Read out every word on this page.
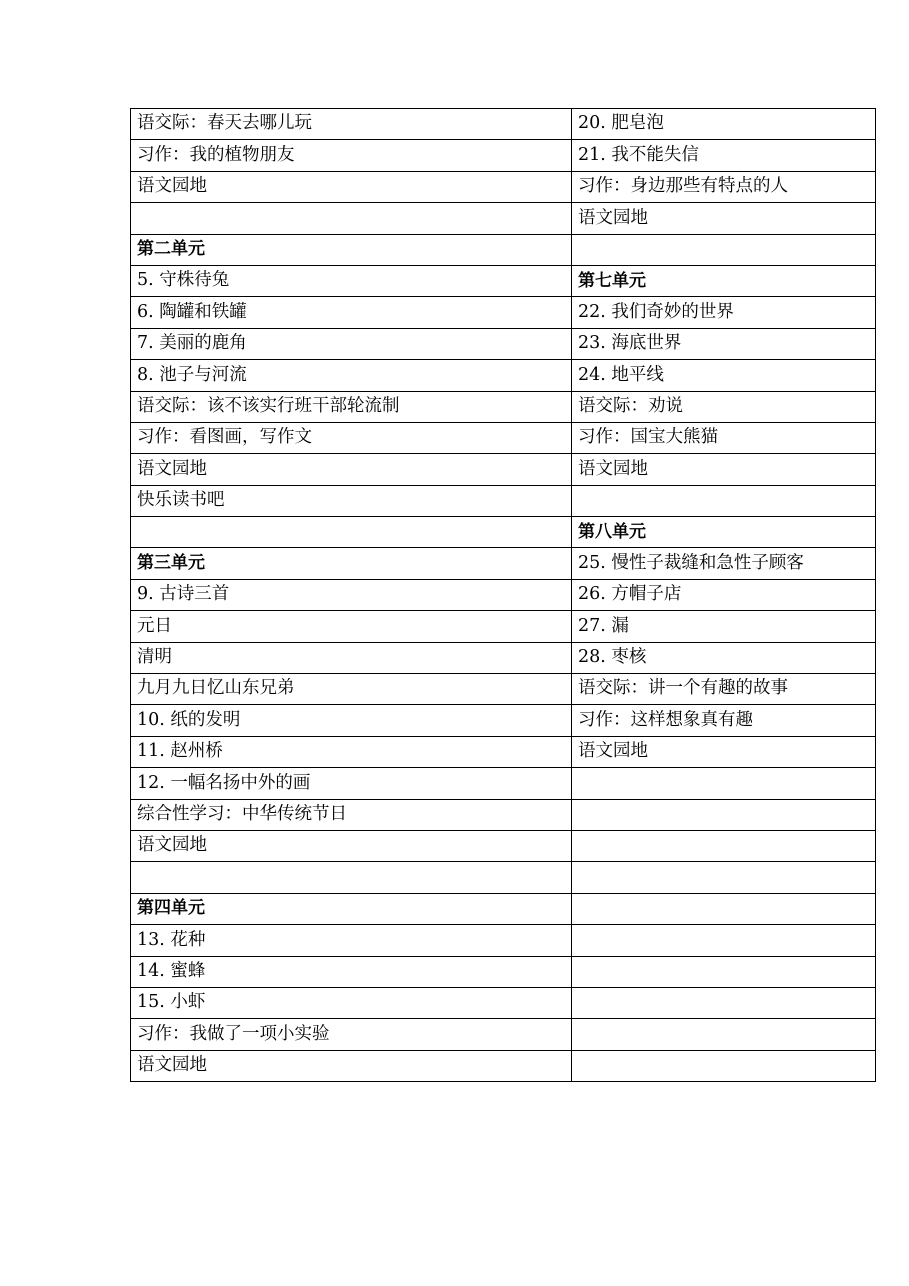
语交际：春天去哪儿玩	20. 肥皂泡
习作：我的植物朋友	21. 我不能失信
语文园地	习作：身边那些有特点的人
	语文园地
第二单元	
5. 守株待兔	第七单元
6. 陶罐和铁罐	22. 我们奇妙的世界
7. 美丽的鹿角	23. 海底世界
8. 池子与河流	24. 地平线
语交际：该不该实行班干部轮流制	语交际：劝说
习作：看图画，写作文	习作：国宝大熊猫
语文园地	语文园地
快乐读书吧	
	第八单元
第三单元	25. 慢性子裁缝和急性子顾客
9. 古诗三首	26. 方帽子店
元日	27. 漏
清明	28. 枣核
九月九日忆山东兄弟	语交际：讲一个有趣的故事
10. 纸的发明	习作：这样想象真有趣
11. 赵州桥	语文园地
12. 一幅名扬中外的画	
综合性学习：中华传统节日	
语文园地	

第四单元	
13. 花种	
14. 蜜蜂	
15. 小虾	
习作：我做了一项小实验	
语文园地	
